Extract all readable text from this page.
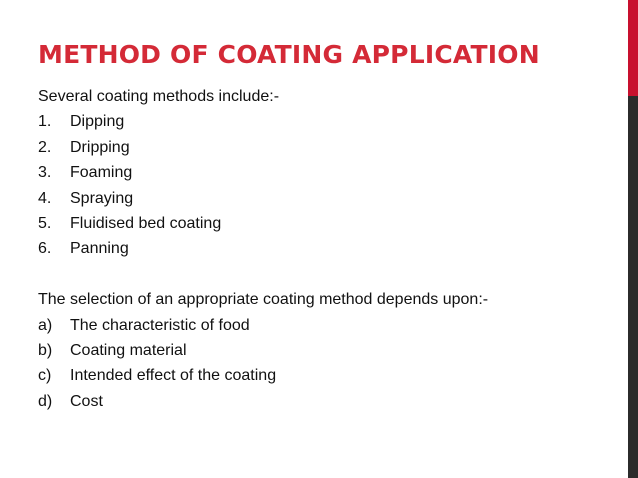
METHOD OF COATING APPLICATION
Several coating methods include:-
1. Dipping
2. Dripping
3. Foaming
4. Spraying
5. Fluidised bed coating
6. Panning
The selection of an appropriate coating method depends upon:-
a) The characteristic of food
b) Coating material
c) Intended effect of the coating
d) Cost
